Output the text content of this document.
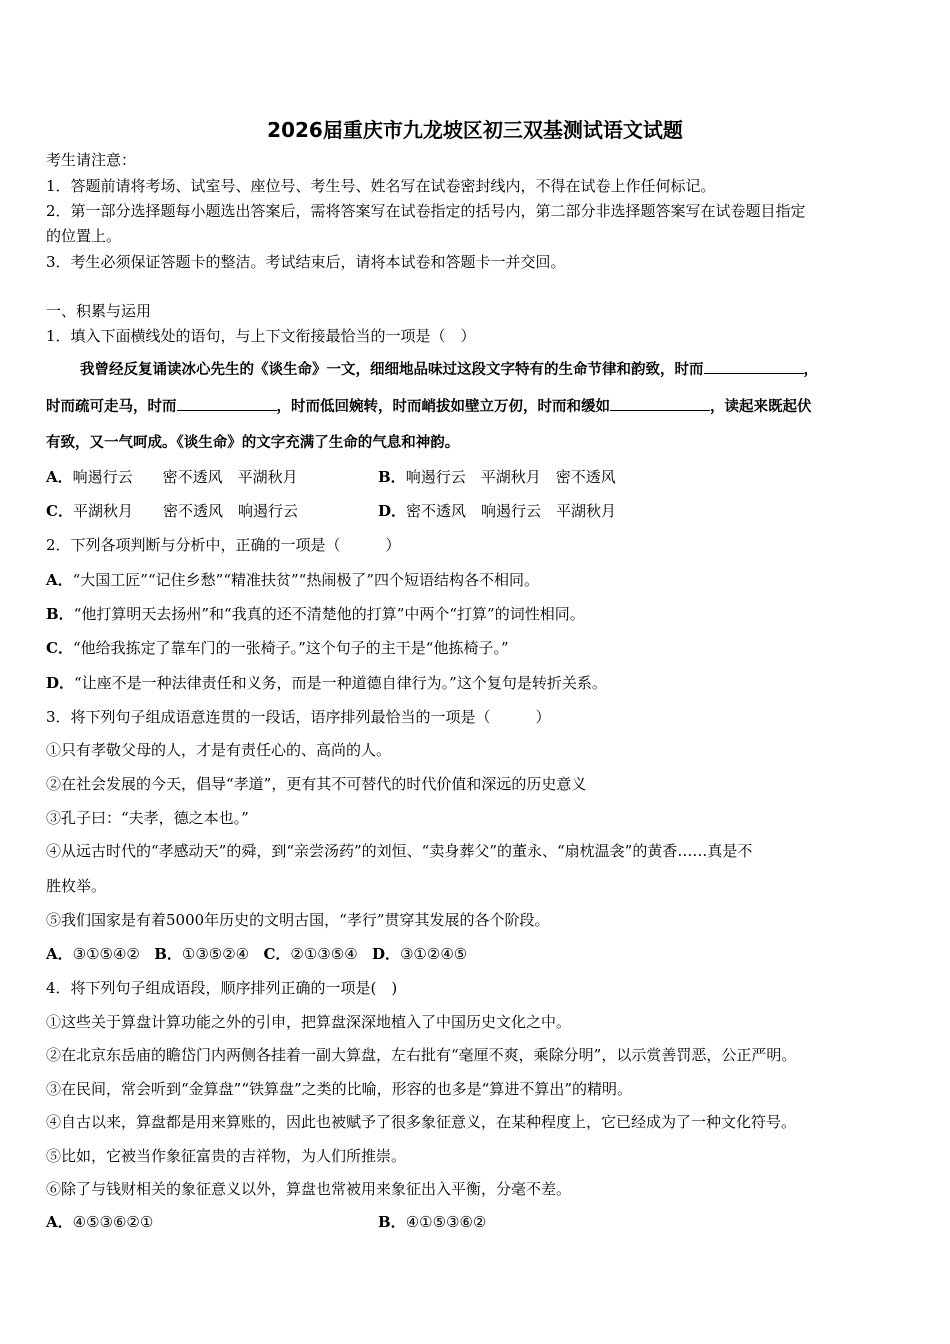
2026届重庆市九龙坡区初三双基测试语文试题
考生请注意：
1．答题前请将考场、试室号、座位号、考生号、姓名写在试卷密封线内，不得在试卷上作任何标记。
2．第一部分选择题每小题选出答案后，需将答案写在试卷指定的括号内，第二部分非选择题答案写在试卷题目指定
的位置上。
3．考生必须保证答题卡的整洁。考试结束后，请将本试卷和答题卡一并交回。
一、积累与运用
1．填入下面横线处的语句，与上下文衔接最恰当的一项是（　）
我曾经反复诵读冰心先生的《谈生命》一文，细细地品味过这段文字特有的生命节律和韵致，时而	，
时而疏可走马，时而	，时而低回婉转，时而峭拔如壁立万仞，时而和缓如	，读起来既起伏
有致，又一气呵成。《谈生命》的文字充满了生命的气息和神韵。
A．响遏行云　　密不透风　平湖秋月	B．响遏行云　平湖秋月　密不透风
C．平湖秋月　　密不透风　响遏行云	D．密不透风　响遏行云　平湖秋月
2．下列各项判断与分析中，正确的一项是（　　　）
A．“大国工匠”“记住乡愁”“精准扶贫”“热闹极了”四个短语结构各不相同。
B．“他打算明天去扬州”和“我真的还不清楚他的打算”中两个“打算”的词性相同。
C．“他给我拣定了靠车门的一张椅子。”这个句子的主干是“他拣椅子。”
D．“让座不是一种法律责任和义务，而是一种道德自律行为。”这个复句是转折关系。
3．将下列句子组成语意连贯的一段话，语序排列最恰当的一项是（　　　）
①只有孝敬父母的人，才是有责任心的、高尚的人。
②在社会发展的今天，倡导“孝道”，更有其不可替代的时代价值和深远的历史意义
③孔子曰：“夫孝，德之本也。”
④从远古时代的“孝感动天”的舜，到“亲尝汤药”的刘恒、“卖身葬父”的董永、“扇枕温衾”的黄香……真是不
胜枚举。
⑤我们国家是有着5000年历史的文明古国，“孝行”贯穿其发展的各个阶段。
A．③①⑤④② B．①③⑤②④ C．②①③⑤④ D．③①②④⑤
4．将下列句子组成语段，顺序排列正确的一项是(　)
①这些关于算盘计算功能之外的引申，把算盘深深地植入了中国历史文化之中。
②在北京东岳庙的瞻岱门内两侧各挂着一副大算盘，左右批有“毫厘不爽，乘除分明”，以示赏善罚恶，公正严明。
③在民间，常会听到“金算盘”“铁算盘”之类的比喻，形容的也多是“算进不算出”的精明。
④自古以来，算盘都是用来算账的，因此也被赋予了很多象征意义，在某种程度上，它已经成为了一种文化符号。
⑤比如，它被当作象征富贵的吉祥物，为人们所推崇。
⑥除了与钱财相关的象征意义以外，算盘也常被用来象征出入平衡，分毫不差。
A．④⑤③⑥②①	B．④①⑤③⑥②
